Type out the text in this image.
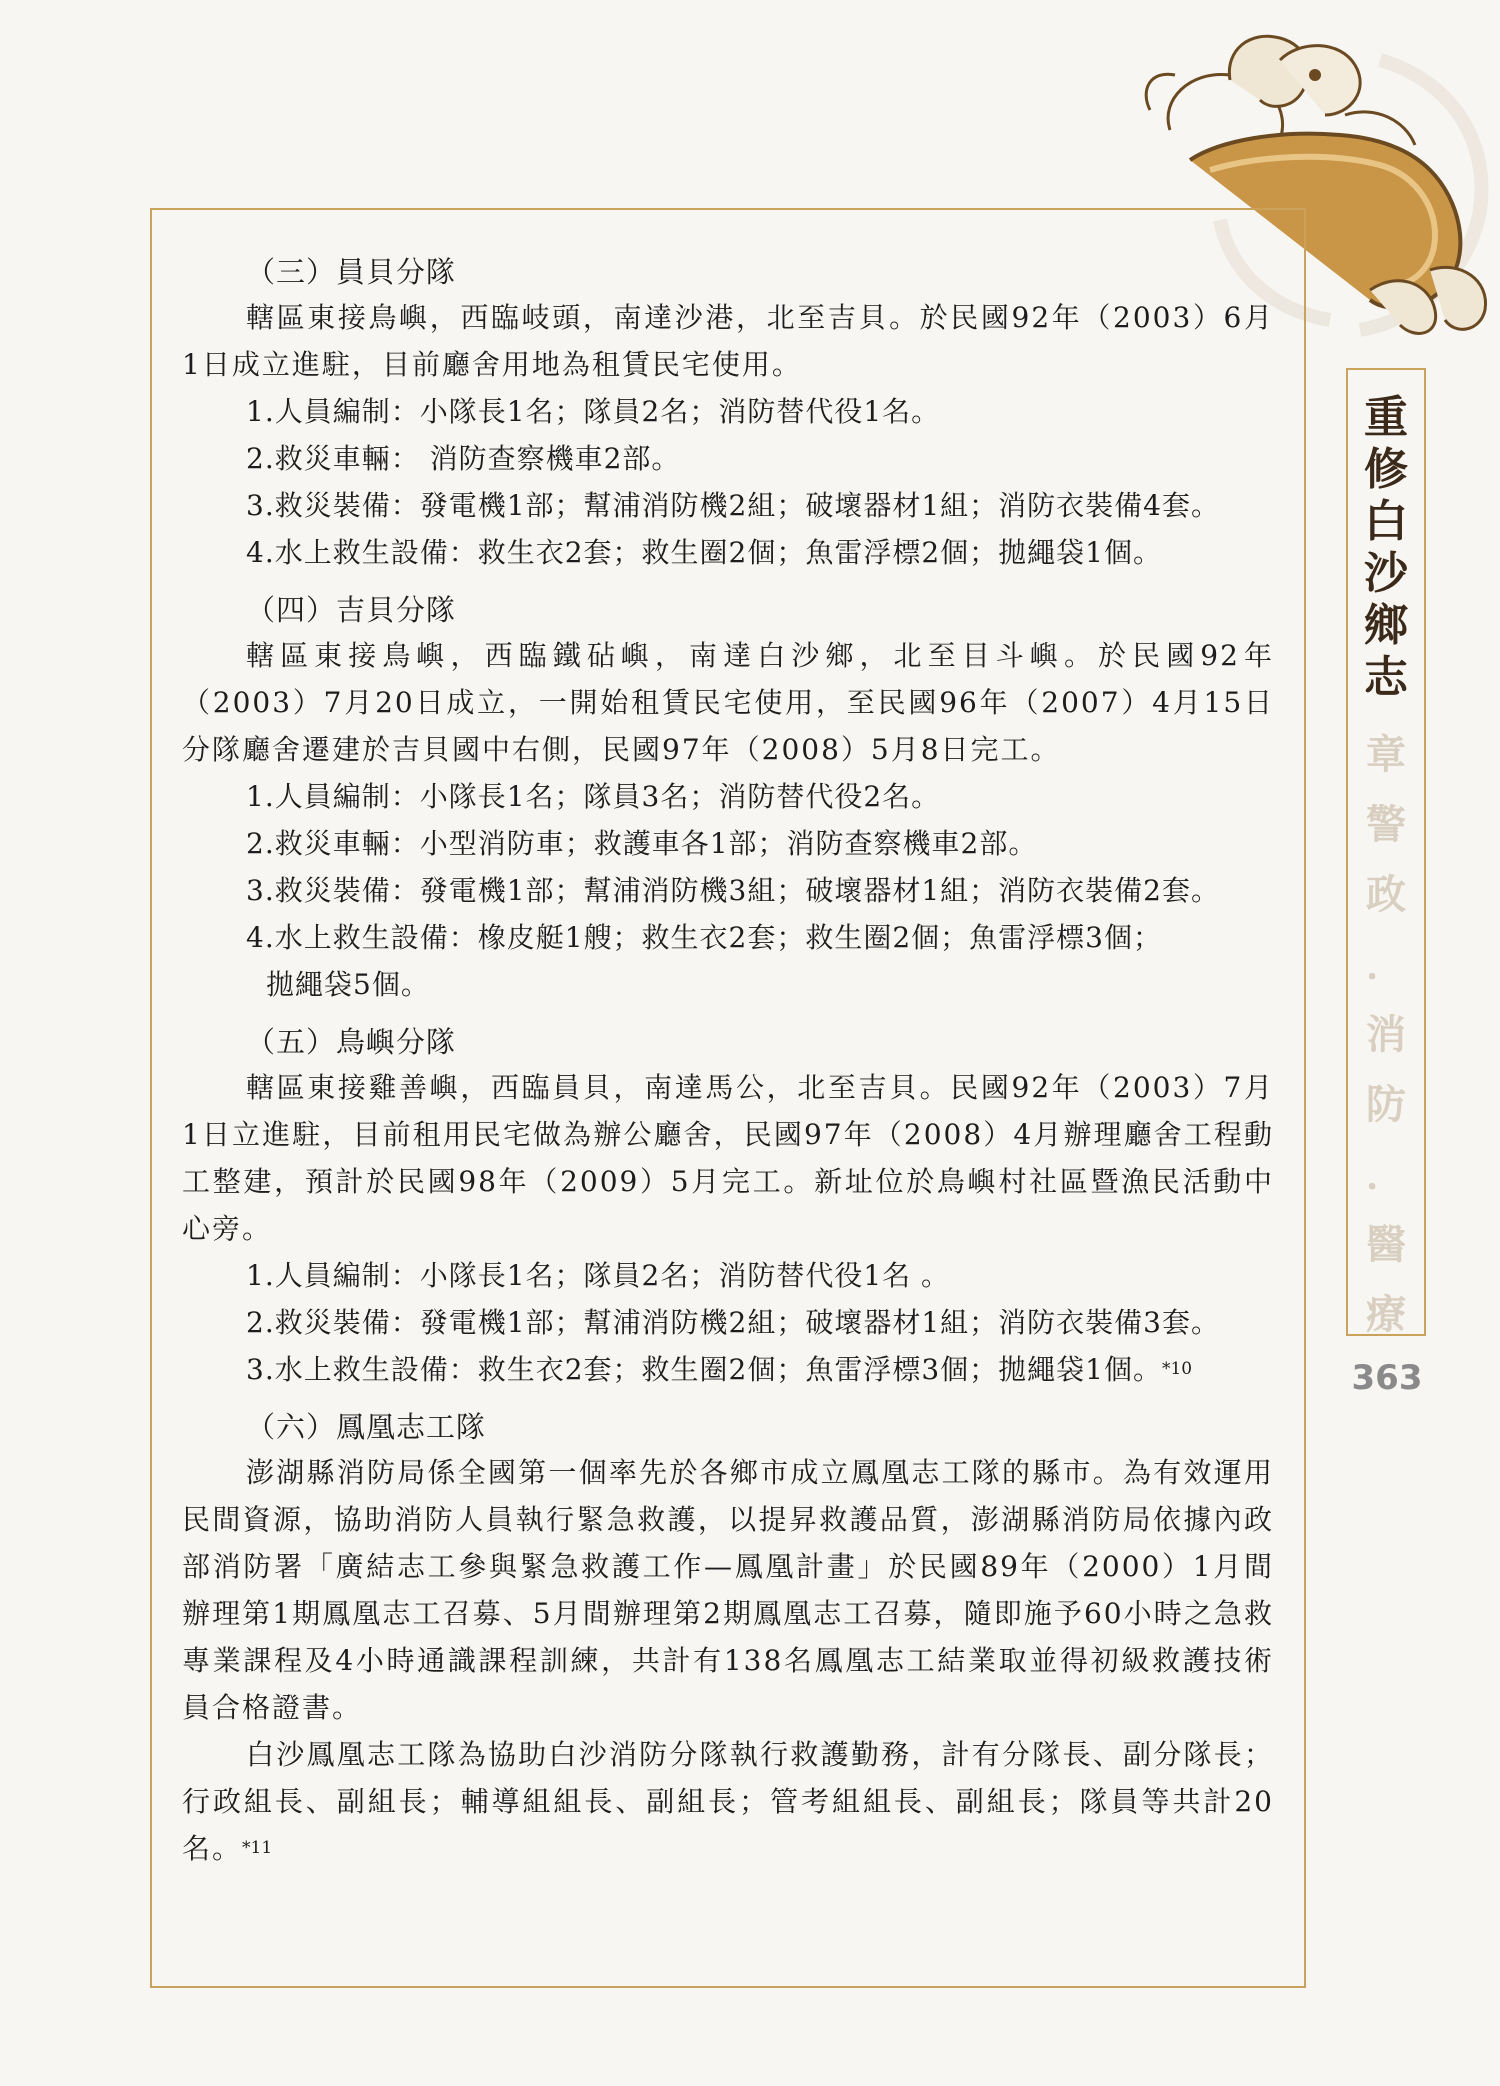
（三）員貝分隊

轄區東接鳥嶼，西臨岐頭，南達沙港，北至吉貝。於民國92年（2003）6月1日成立進駐，目前廳舍用地為租賃民宅使用。

1.人員編制：小隊長1名；隊員2名；消防替代役1名。

2.救災車輛： 消防查察機車2部。

3.救災裝備：發電機1部；幫浦消防機2組；破壞器材1組；消防衣裝備4套。

4.水上救生設備：救生衣2套；救生圈2個；魚雷浮標2個；拋繩袋1個。

（四）吉貝分隊

轄區東接鳥嶼，西臨鐵砧嶼，南達白沙鄉，北至目斗嶼。於民國92年（2003）7月20日成立，一開始租賃民宅使用，至民國96年（2007）4月15日分隊廳舍遷建於吉貝國中右側，民國97年（2008）5月8日完工。

1.人員編制：小隊長1名；隊員3名；消防替代役2名。

2.救災車輛：小型消防車；救護車各1部；消防查察機車2部。

3.救災裝備：發電機1部；幫浦消防機3組；破壞器材1組；消防衣裝備2套。

4.水上救生設備：橡皮艇1艘；救生衣2套；救生圈2個；魚雷浮標3個；

拋繩袋5個。

（五）鳥嶼分隊

轄區東接雞善嶼，西臨員貝，南達馬公，北至吉貝。民國92年（2003）7月1日立進駐，目前租用民宅做為辦公廳舍，民國97年（2008）4月辦理廳舍工程動工整建，預計於民國98年（2009）5月完工。新址位於鳥嶼村社區暨漁民活動中心旁。

1.人員編制：小隊長1名；隊員2名；消防替代役1名 。

2.救災裝備：發電機1部；幫浦消防機2組；破壞器材1組；消防衣裝備3套。

3.水上救生設備：救生衣2套；救生圈2個；魚雷浮標3個；拋繩袋1個。*10

（六）鳳凰志工隊

澎湖縣消防局係全國第一個率先於各鄉市成立鳳凰志工隊的縣市。為有效運用民間資源，協助消防人員執行緊急救護，以提昇救護品質，澎湖縣消防局依據內政部消防署「廣結志工參與緊急救護工作—鳳凰計畫」於民國89年（2000）1月間辦理第1期鳳凰志工召募、5月間辦理第2期鳳凰志工召募，隨即施予60小時之急救專業課程及4小時通識課程訓練，共計有138名鳳凰志工結業取並得初級救護技術員合格證書。

白沙鳳凰志工隊為協助白沙消防分隊執行救護勤務，計有分隊長、副分隊長；行政組長、副組長；輔導組組長、副組長；管考組組長、副組長；隊員等共計20名。*11

重
修
白
沙
鄉
志
章
警
政
．
消
防
．
醫
療
363
